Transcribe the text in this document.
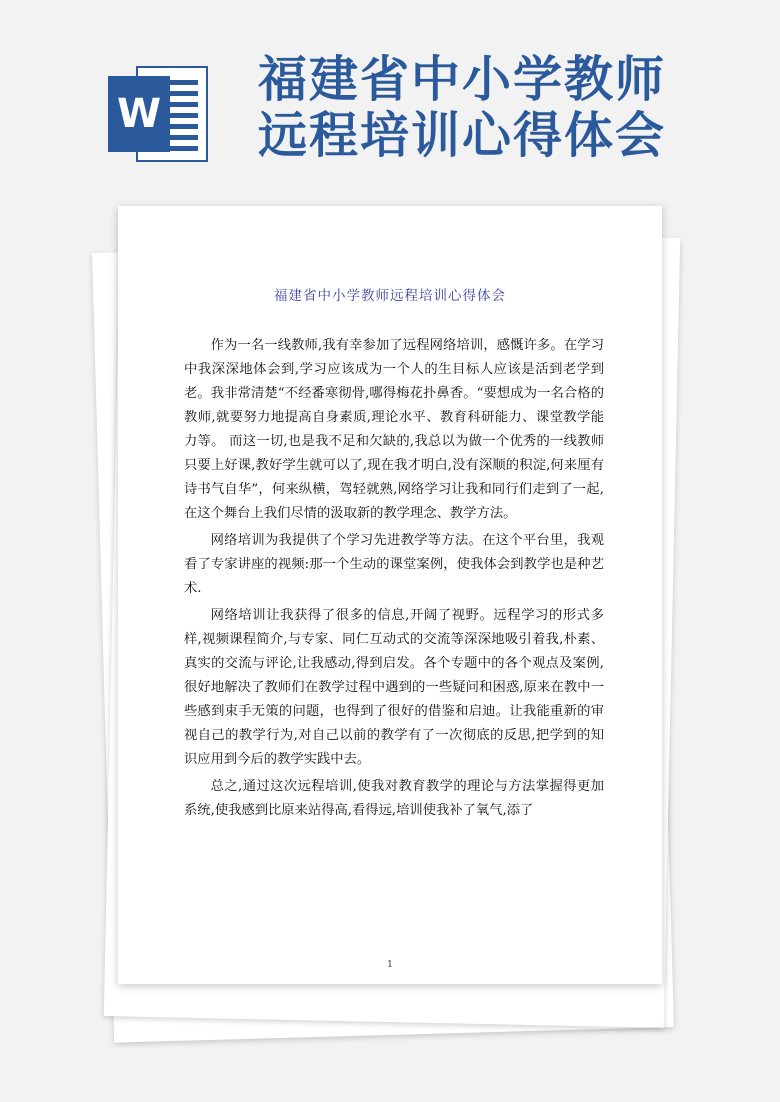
W
福建省中小学教师
远程培训心得体会
福建省中小学教师远程培训心得体会

作为一名一线教师,我有幸参加了远程网络培训，感慨许多。在学习中我深深地体会到,学习应该成为一个人的生目标人应该是活到老学到老。我非常清楚“不经番寒彻骨,哪得梅花扑鼻香。“要想成为一名合格的教师,就要努力地提高自身素质,理论水平、教育科研能力、课堂教学能力等。 而这一切,也是我不足和欠缺的,我总以为做一个优秀的一线教师只要上好课,教好学生就可以了,现在我才明白,没有深顺的积淀,何来厘有诗书气自华”，何来纵横，驾轻就熟,网络学习让我和同行们走到了一起,在这个舞台上我们尽情的汲取新的教学理念、教学方法。

网络培训为我提供了个学习先进教学等方法。在这个平台里，我观看了专家讲座的视频:那一个生动的课堂案例，使我体会到教学也是种艺术.

网络培训让我获得了很多的信息,开阔了视野。远程学习的形式多样,视频课程简介,与专家、同仁互动式的交流等深深地吸引着我,朴素、 真实的交流与评论,让我感动,得到启发。各个专题中的各个观点及案例,很好地解决了教师们在教学过程中遇到的一些疑问和困惑,原来在教中一些感到束手无策的问题，也得到了很好的借鉴和启迪。让我能重新的审视自己的教学行为,对自己以前的教学有了一次彻底的反思,把学到的知识应用到今后的教学实践中去。

总之,通过这次远程培训,使我对教育教学的理论与方法掌握得更加系统,使我感到比原来站得高,看得远,培训使我补了氧气,添了

1
